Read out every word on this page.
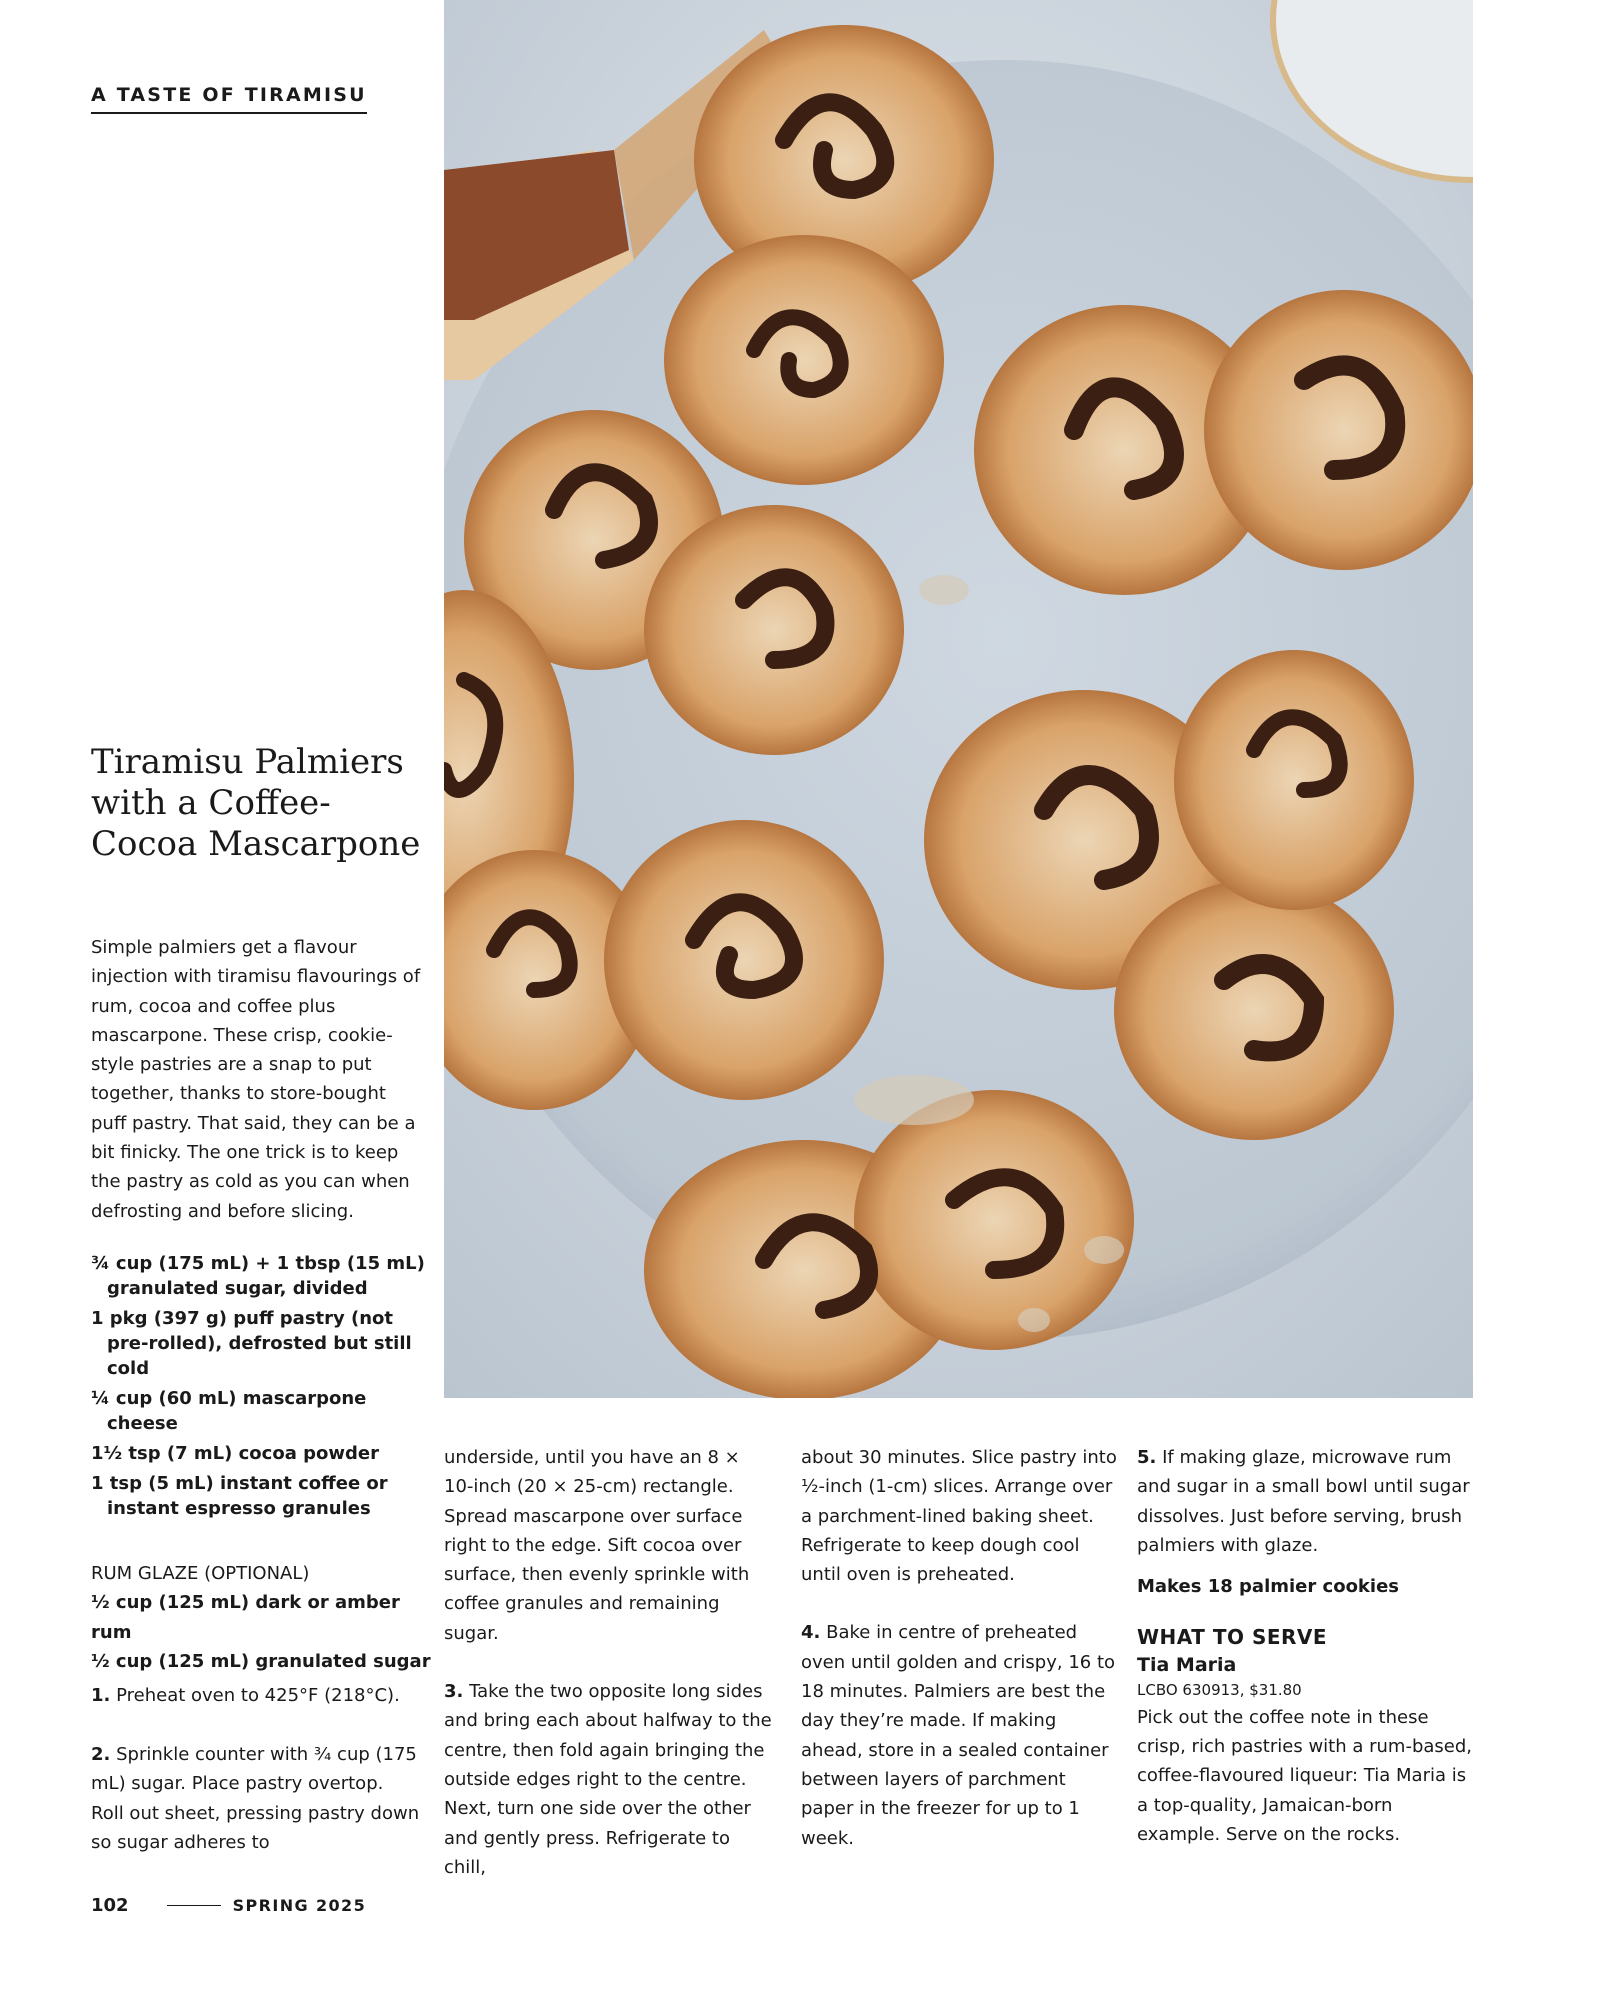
A TASTE OF TIRAMISU
Tiramisu Palmiers with a Coffee-Cocoa Mascarpone

Simple palmiers get a flavour injection with tiramisu flavourings of rum, cocoa and coffee plus mascarpone. These crisp, cookie-style pastries are a snap to put together, thanks to store-bought puff pastry. That said, they can be a bit finicky. The one trick is to keep the pastry as cold as you can when defrosting and before slicing.

¾ cup (175 mL) + 1 tbsp (15 mL) granulated sugar, divided
1 pkg (397 g) puff pastry (not pre-rolled), defrosted but still cold
¼ cup (60 mL) mascarpone cheese
1½ tsp (7 mL) cocoa powder
1 tsp (5 mL) instant coffee or instant espresso granules
RUM GLAZE (OPTIONAL)
½ cup (125 mL) dark or amber rum
½ cup (125 mL) granulated sugar

1. Preheat oven to 425°F (218°C).

2. Sprinkle counter with ¾ cup (175 mL) sugar. Place pastry overtop. Roll out sheet, pressing pastry down so sugar adheres to

underside, until you have an 8 × 10-inch (20 × 25-cm) rectangle. Spread mascarpone over surface right to the edge. Sift cocoa over surface, then evenly sprinkle with coffee granules and remaining sugar.

3. Take the two opposite long sides and bring each about halfway to the centre, then fold again bringing the outside edges right to the centre. Next, turn one side over the other and gently press. Refrigerate to chill,

about 30 minutes. Slice pastry into ½-inch (1-cm) slices. Arrange over a parchment-lined baking sheet. Refrigerate to keep dough cool until oven is preheated.

4. Bake in centre of preheated oven until golden and crispy, 16 to 18 minutes. Palmiers are best the day they’re made. If making ahead, store in a sealed container between layers of parchment paper in the freezer for up to 1 week.

5. If making glaze, microwave rum and sugar in a small bowl until sugar dissolves. Just before serving, brush palmiers with glaze.

Makes 18 palmier cookies

WHAT TO SERVE

Tia Maria

LCBO 630913, $31.80

Pick out the coffee note in these crisp, rich pastries with a rum-based, coffee-flavoured liqueur: Tia Maria is a top-quality, Jamaican-born example. Serve on the rocks.

102	SPRING 2025
